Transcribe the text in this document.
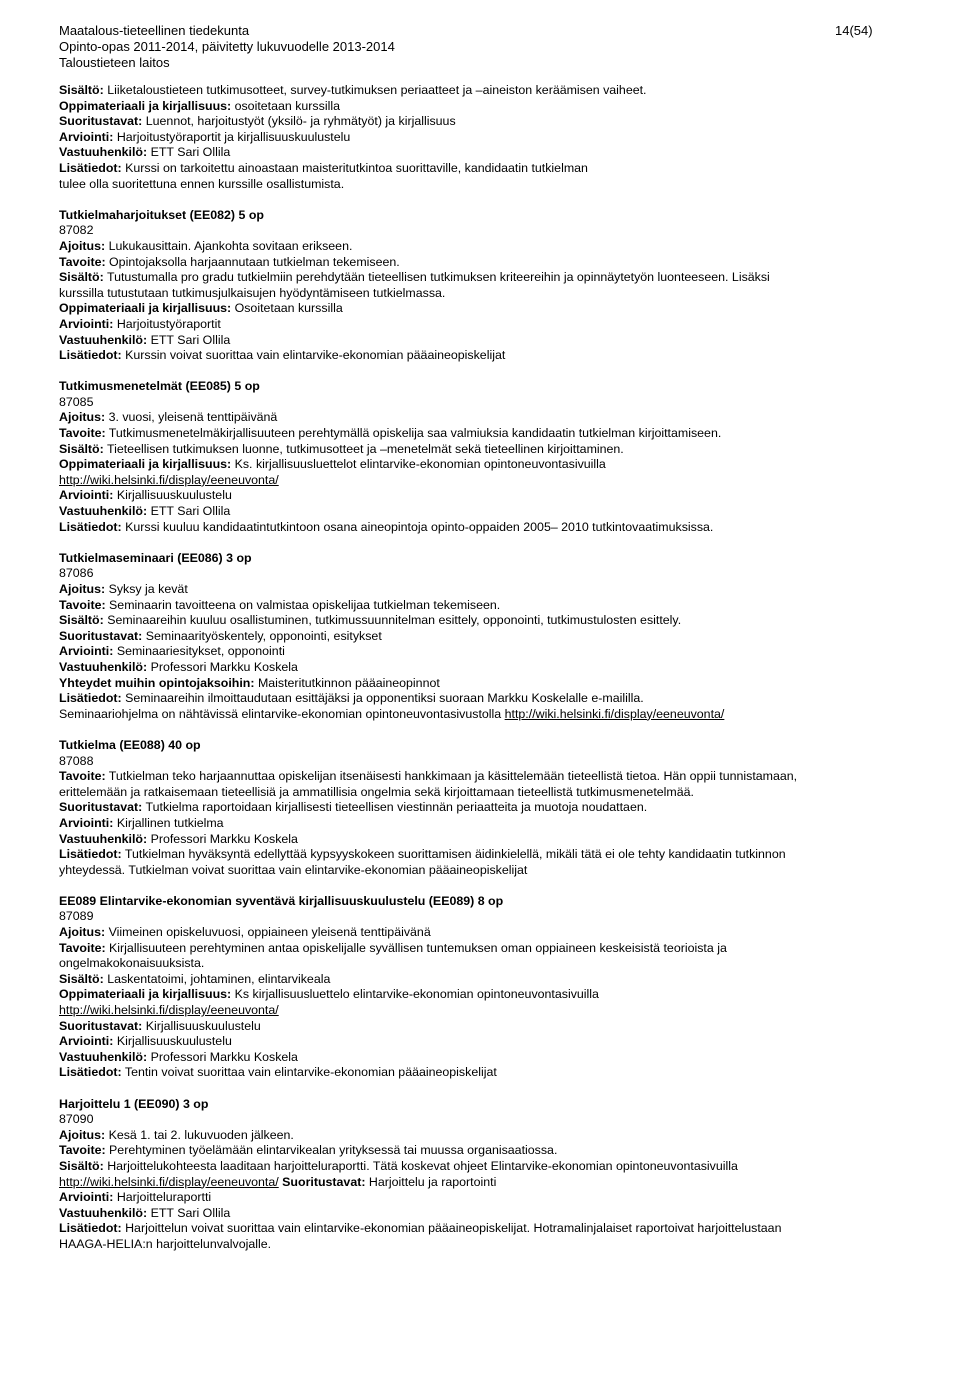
Maatalous-tieteellinen tiedekunta
Opinto-opas 2011-2014, päivitetty lukuvuodelle 2013-2014
Taloustieteen laitos
14(54)
Sisältö: Liiketaloustieteen tutkimusotteet, survey-tutkimuksen periaatteet ja –aineiston keräämisen vaiheet.
Oppimateriaali ja kirjallisuus: osoitetaan kurssilla
Suoritustavat: Luennot, harjoitustyöt (yksilö- ja ryhmätyöt) ja kirjallisuus
Arviointi: Harjoitustyöraportit ja kirjallisuuskuulustelu
Vastuuhenkilö: ETT Sari Ollila
Lisätiedot: Kurssi on tarkoitettu ainoastaan maisteritutkintoa suorittaville, kandidaatin tutkielman
tulee olla suoritettuna ennen kurssille osallistumista.
Tutkielmaharjoitukset (EE082) 5 op
87082
Ajoitus: Lukukausittain. Ajankohta sovitaan erikseen.
Tavoite: Opintojaksolla harjaannutaan tutkielman tekemiseen.
Sisältö: Tutustumalla pro gradu tutkielmiin perehdytään tieteellisen tutkimuksen kriteereihin ja opinnäytetyön luonteeseen. Lisäksi
kurssilla tutustutaan tutkimusjulkaisujen hyödyntämiseen tutkielmassa.
Oppimateriaali ja kirjallisuus: Osoitetaan kurssilla
Arviointi: Harjoitustyöraportit
Vastuuhenkilö: ETT Sari Ollila
Lisätiedot: Kurssin voivat suorittaa vain elintarvike-ekonomian pääaineopiskelijat
Tutkimusmenetelmät (EE085) 5 op
87085
Ajoitus: 3. vuosi, yleisenä tenttipäivänä
Tavoite: Tutkimusmenetelmäkirjallisuuteen perehtymällä opiskelija saa valmiuksia kandidaatin tutkielman kirjoittamiseen.
Sisältö: Tieteellisen tutkimuksen luonne, tutkimusotteet ja –menetelmät sekä tieteellinen kirjoittaminen.
Oppimateriaali ja kirjallisuus: Ks. kirjallisuusluettelot elintarvike-ekonomian opintoneuvontasivuilla
http://wiki.helsinki.fi/display/eeneuvonta/
Arviointi: Kirjallisuuskuulustelu
Vastuuhenkilö: ETT Sari Ollila
Lisätiedot: Kurssi kuuluu kandidaatintutkintoon osana aineopintoja opinto-oppaiden 2005– 2010 tutkintovaatimuksissa.
Tutkielmaseminaari (EE086) 3 op
87086
Ajoitus: Syksy ja kevät
Tavoite: Seminaarin tavoitteena on valmistaa opiskelijaa tutkielman tekemiseen.
Sisältö: Seminaareihin kuuluu osallistuminen, tutkimussuunnitelman esittely, opponointi, tutkimustulosten esittely.
Suoritustavat: Seminaarityöskentely, opponointi, esitykset
Arviointi: Seminaariesitykset, opponointi
Vastuuhenkilö: Professori Markku Koskela
Yhteydet muihin opintojaksoihin: Maisteritutkinnon pääaineopinnot
Lisätiedot: Seminaareihin ilmoittaudutaan esittäjäksi ja opponentiksi suoraan Markku Koskelalle e-maililla.
Seminaariohjelma on nähtävissä elintarvike-ekonomian opintoneuvontasivustolla http://wiki.helsinki.fi/display/eeneuvonta/
Tutkielma (EE088) 40 op
87088
Tavoite: Tutkielman teko harjaannuttaa opiskelijan itsenäisesti hankkimaan ja käsittelemään tieteellistä tietoa. Hän oppii tunnistamaan,
erittelemään ja ratkaisemaan tieteellisiä ja ammatillisia ongelmia sekä kirjoittamaan tieteellistä tutkimusmenetelmää.
Suoritustavat: Tutkielma raportoidaan kirjallisesti tieteellisen viestinnän periaatteita ja muotoja noudattaen.
Arviointi: Kirjallinen tutkielma
Vastuuhenkilö: Professori Markku Koskela
Lisätiedot: Tutkielman hyväksyntä edellyttää kypsyyskokeen suorittamisen äidinkielellä, mikäli tätä ei ole tehty kandidaatin tutkinnon
yhteydessä. Tutkielman voivat suorittaa vain elintarvike-ekonomian pääaineopiskelijat
EE089 Elintarvike-ekonomian syventävä kirjallisuuskuulustelu (EE089) 8 op
87089
Ajoitus: Viimeinen opiskeluvuosi, oppiaineen yleisenä tenttipäivänä
Tavoite: Kirjallisuuteen perehtyminen antaa opiskelijalle syvällisen tuntemuksen oman oppiaineen keskeisistä teorioista ja
ongelmakokonaisuuksista.
Sisältö: Laskentatoimi, johtaminen, elintarvikeala
Oppimateriaali ja kirjallisuus: Ks kirjallisuusluettelo elintarvike-ekonomian opintoneuvontasivuilla
http://wiki.helsinki.fi/display/eeneuvonta/
Suoritustavat: Kirjallisuuskuulustelu
Arviointi: Kirjallisuuskuulustelu
Vastuuhenkilö: Professori Markku Koskela
Lisätiedot: Tentin voivat suorittaa vain elintarvike-ekonomian pääaineopiskelijat
Harjoittelu 1 (EE090) 3 op
87090
Ajoitus: Kesä 1. tai 2. lukuvuoden jälkeen.
Tavoite: Perehtyminen työelämään elintarvikealan yrityksessä tai muussa organisaatiossa.
Sisältö: Harjoittelukohteesta laaditaan harjoitteluraportti. Tätä koskevat ohjeet Elintarvike-ekonomian opintoneuvontasivuilla
http://wiki.helsinki.fi/display/eeneuvonta/ Suoritustavat: Harjoittelu ja raportointi
Arviointi: Harjoitteluraportti
Vastuuhenkilö: ETT Sari Ollila
Lisätiedot: Harjoittelun voivat suorittaa vain elintarvike-ekonomian pääaineopiskelijat. Hotramalinjalaiset raportoivat harjoittelustaan
HAAGA-HELIA:n harjoittelunvalvojalle.
